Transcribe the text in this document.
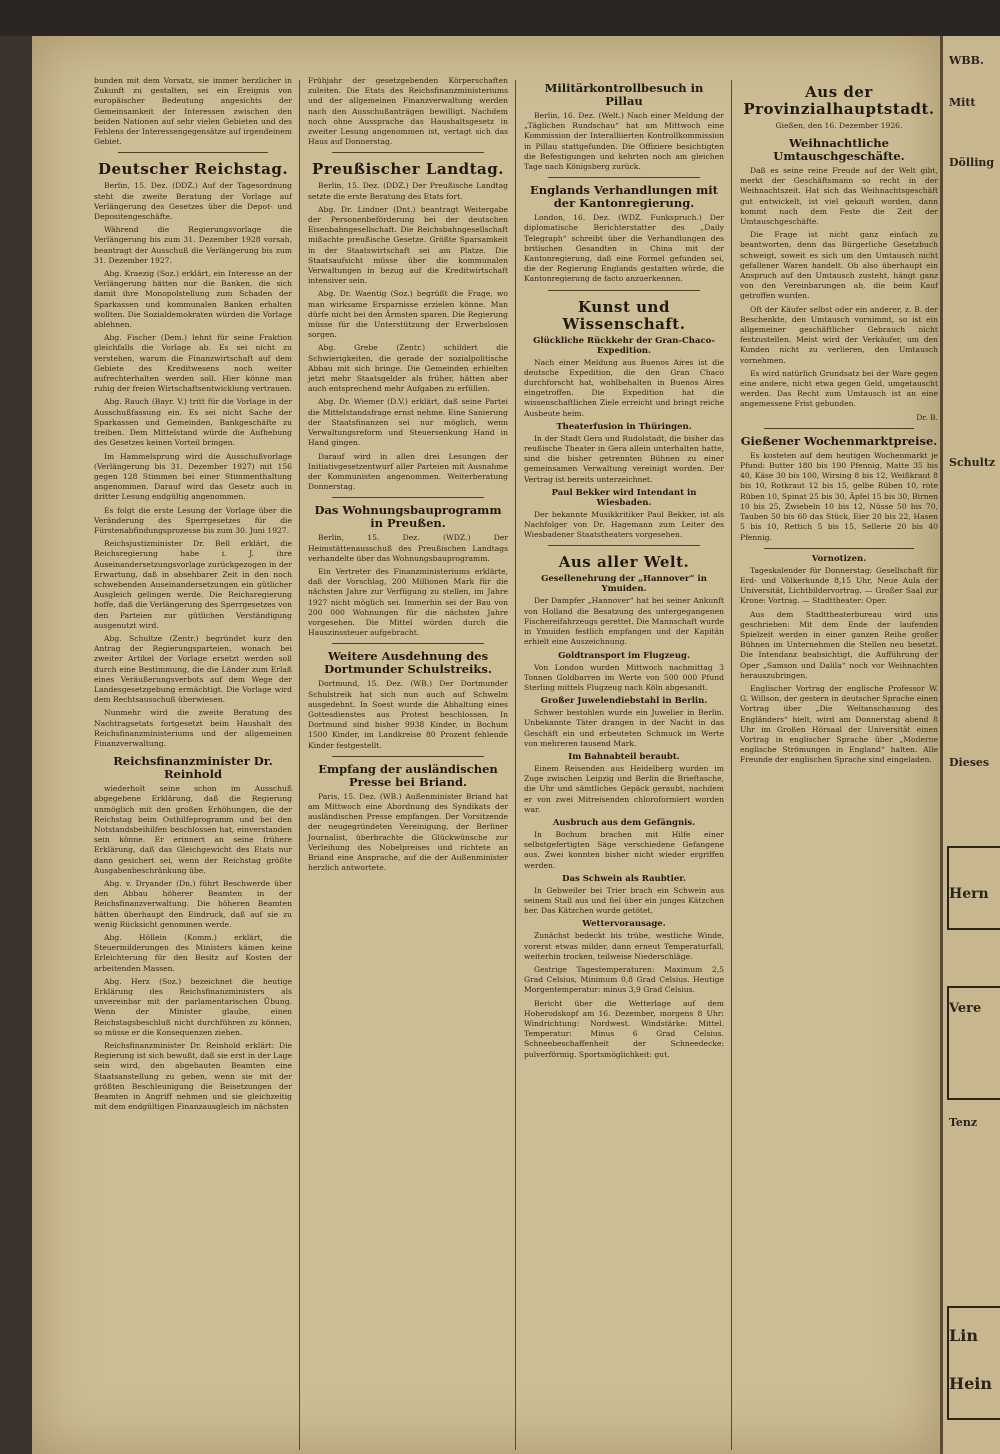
bunden mit dem Vorsatz, sie immer herzlicher in Zukunft zu gestalten, sei ein Ereignis von europäischer Bedeutung angesichts der Gemeinsamkeit der Interessen zwischen den beiden Nationen auf sehr vielen Gebieten und des Fehlens der Interessengegensätze auf irgendeinem Gebiet.

Deutscher Reichstag.

Berlin, 15. Dez. (DDZ.) Auf der Tagesordnung steht die zweite Beratung der Vorlage auf Verlängerung des Gesetzes über die Depot- und Depositengeschäfte.

Während die Regierungsvorlage die Verlängerung bis zum 31. Dezember 1928 vorsah, beantragt der Ausschuß die Verlängerung bis zum 31. Dezember 1927.

Abg. Kraezig (Soz.) erklärt, ein Interesse an der Verlängerung hätten nur die Banken, die sich damit ihre Monopolstellung zum Schaden der Sparkassen und kommunalen Banken erhalten wollten. Die Sozialdemokraten würden die Vorlage ablehnen.

Abg. Fischer (Dem.) lehnt für seine Fraktion gleichfalls die Vorlage ab. Es sei nicht zu verstehen, warum die Finanzwirtschaft auf dem Gebiete des Kreditwesens noch weiter aufrechterhalten werden soll. Hier könne man ruhig der freien Wirtschaftsentwicklung vertrauen.

Abg. Rauch (Bayr. V.) tritt für die Vorlage in der Ausschußfassung ein. Es sei nicht Sache der Sparkassen und Gemeinden, Bankgeschäfte zu treiben. Dem Mittelstand würde die Aufhebung des Gesetzes keinen Vorteil bringen.

Im Hammelsprung wird die Ausschußvorlage (Verlängerung bis 31. Dezember 1927) mit 156 gegen 128 Stimmen bei einer Stimmenthaltung angenommen. Darauf wird das Gesetz auch in dritter Lesung endgültig angenommen.

Es folgt die erste Lesung der Vorlage über die Veränderung des Sperrgesetzes für die Fürstenabfindungsprozesse bis zum 30. Juni 1927.

Reichsjustizminister Dr. Bell erklärt, die Reichsregierung habe i. J. ihre Auseinandersetzungsvorlage zurückgezogen in der Erwartung, daß in absehbarer Zeit in den noch schwebenden Auseinandersetzungen ein gütlicher Ausgleich gelingen werde. Die Reichsregierung hoffe, daß die Verlängerung des Sperrgesetzes von den Parteien zur gütlichen Verständigung ausgenutzt wird.

Abg. Schultze (Zentr.) begründet kurz den Antrag der Regierungsparteien, wonach bei zweiter Artikel der Vorlage ersetzt werden soll durch eine Bestimmung, die die Länder zum Erlaß eines Veräußerungsverbots auf dem Wege der Landesgesetzgebung ermächtigt. Die Vorlage wird dem Rechtsausschuß überwiesen.

Nunmehr wird die zweite Beratung des Nachtragsetats fortgesetzt beim Haushalt des Reichsfinanzministeriums und der allgemeinen Finanzverwaltung.

Reichsfinanzminister Dr. Reinhold

wiederholt seine schon im Ausschuß abgegebene Erklärung, daß die Regierung unmöglich mit den großen Erhöhungen, die der Reichstag beim Osthilfeprogramm und bei den Notstandsbeihilfen beschlossen hat, einverstanden sein könne. Er erinnert an seine frühere Erklärung, daß das Gleichgewicht des Etats nur dann gesichert sei, wenn der Reichstag größte Ausgabenbeschränkung übe.

Abg. v. Dryander (Dn.) führt Beschwerde über den Abbau höherer Beamten in der Reichsfinanzverwaltung. Die höheren Beamten hätten überhaupt den Eindruck, daß auf sie zu wenig Rücksicht genommen werde.

Abg. Höllein (Komm.) erklärt, die Steuermilderungen des Ministers kämen keine Erleichterung für den Besitz auf Kosten der arbeitenden Massen.

Abg. Herz (Soz.) bezeichnet die heutige Erklärung des Reichsfinanzministers als unvereinbar mit der parlamentarischen Übung. Wenn der Minister glaube, einen Reichstagsbeschluß nicht durchführen zu können, so müsse er die Konsequenzen ziehen.

Reichsfinanzminister Dr. Reinhold erklärt: Die Regierung ist sich bewußt, daß sie erst in der Lage sein wird, den abgebauten Beamten eine Staatsanstellung zu geben, wenn sie mit der größten Beschleunigung die Beisetzungen der Beamten in Angriff nehmen und sie gleichzeitig mit dem endgültigen Finanzausgleich im nächsten

Frühjahr der gesetzgebenden Körperschaften zuleiten. Die Etats des Reichsfinanzministeriums und der allgemeinen Finanzverwaltung werden nach den Ausschußanträgen bewilligt. Nachdem noch ohne Aussprache das Haushaltsgesetz in zweiter Lesung angenommen ist, vertagt sich das Haus auf Donnerstag.

Preußischer Landtag.

Berlin, 15. Dez. (DDZ.) Der Preußische Landtag setzte die erste Beratung des Etats fort.

Abg. Dr. Lindner (Dnt.) beantragt Weitergabe der Personenbeförderung bei der deutschen Eisenbahngesellschaft. Die Reichsbahngesellschaft mißachte preußische Gesetze. Größte Sparsamkeit in der Staatswirtschaft sei am Platze. Die Staatsaufsicht müsse über die kommunalen Verwaltungen in bezug auf die Kreditwirtschaft intensiver sein.

Abg. Dr. Waentig (Soz.) begrüßt die Frage, wo man wirksame Ersparnisse erzielen könne. Man dürfe nicht bei den Ärmsten sparen. Die Regierung müsse für die Unterstützung der Erwerbslosen sorgen.

Abg. Grebe (Zentr.) schildert die Schwierigkeiten, die gerade der sozialpolitische Abbau mit sich bringe. Die Gemeinden erhielten jetzt mehr Staatsgelder als früher, hätten aber auch entsprechend mehr Aufgaben zu erfüllen.

Abg. Dr. Wiemer (D.V.) erklärt, daß seine Partei die Mittelstandsfrage ernst nehme. Eine Sanierung der Staatsfinanzen sei nur möglich, wenn Verwaltungsreform und Steuersenkung Hand in Hand gingen.

Darauf wird in allen drei Lesungen der Initiativgesetzentwurf aller Parteien mit Ausnahme der Kommunisten angenommen. Weiterberatung Donnerstag.

Das Wohnungsbauprogramm in Preußen.

Berlin, 15. Dez. (WDZ.) Der Heimstättenausschuß des Preußischen Landtags verhandelte über das Wohnungsbauprogramm.

Ein Vertreter des Finanzministeriums erklärte, daß der Vorschlag, 200 Millionen Mark für die nächsten Jahre zur Verfügung zu stellen, im Jahre 1927 nicht möglich sei. Immerhin sei der Bau von 200 000 Wohnungen für die nächsten Jahre vorgesehen. Die Mittel würden durch die Hauszinssteuer aufgebracht.

Weitere Ausdehnung des Dortmunder Schulstreiks.

Dortmund, 15. Dez. (WB.) Der Dortmunder Schulstreik hat sich nun auch auf Schwelm ausgedehnt. In Soest wurde die Abhaltung eines Gottesdienstes aus Protest beschlossen. In Dortmund sind bisher 9938 Kinder, in Bochum 1500 Kinder, im Landkreise 80 Prozent fehlende Kinder festgestellt.

Empfang der ausländischen Presse bei Briand.

Paris, 15. Dez. (WB.) Außenminister Briand hat am Mittwoch eine Abordnung des Syndikats der ausländischen Presse empfangen. Der Vorsitzende der neugegründeten Vereinigung, der Berliner Journalist, überbrachte die Glückwünsche zur Verleihung des Nobelpreises und richtete an Briand eine Ansprache, auf die der Außenminister herzlich antwortete.

Militärkontrollbesuch in Pillau

Berlin, 16. Dez. (Welt.) Nach einer Meldung der „Täglichen Rundschau“ hat am Mittwoch eine Kommission der Interalliierten Kontrollkommission in Pillau stattgefunden. Die Offiziere besichtigten die Befestigungen und kehrten noch am gleichen Tage nach Königsberg zurück.

Englands Verhandlungen mit der Kantonregierung.

London, 16. Dez. (WDZ. Funkspruch.) Der diplomatische Berichterstatter des „Daily Telegraph“ schreibt über die Verhandlungen des britischen Gesandten in China mit der Kantonregierung, daß eine Formel gefunden sei, die der Regierung Englands gestatten würde, die Kantonregierung de facto anzuerkennen.

Kunst und Wissenschaft.
Glückliche Rückkehr der Gran-Chaco-Expedition.

Nach einer Meldung aus Buenos Aires ist die deutsche Expedition, die den Gran Chaco durchforscht hat, wohlbehalten in Buenos Aires eingetroffen. Die Expedition hat die wissenschaftlichen Ziele erreicht und bringt reiche Ausbeute heim.

Theaterfusion in Thüringen.

In der Stadt Gera und Rudolstadt, die bisher das reußische Theater in Gera allein unterhalten hatte, sind die bisher getrennten Bühnen zu einer gemeinsamen Verwaltung vereinigt worden. Der Vertrag ist bereits unterzeichnet.

Paul Bekker wird Intendant in Wiesbaden.

Der bekannte Musikkritiker Paul Bekker, ist als Nachfolger von Dr. Hagemann zum Leiter des Wiesbadener Staatstheaters vorgesehen.

Aus aller Welt.
Gesellenehrung der „Hannover“ in Ymuiden.

Der Dampfer „Hannover“ hat bei seiner Ankunft von Holland die Besatzung des untergegangenen Fischereifahrzeugs gerettet. Die Mannschaft wurde in Ymuiden festlich empfangen und der Kapitän erhielt eine Auszeichnung.

Goldtransport im Flugzeug.

Von London wurden Mittwoch nachmittag 3 Tonnen Goldbarren im Werte von 500 000 Pfund Sterling mittels Flugzeug nach Köln abgesandt.

Großer Juwelendiebstahl in Berlin.

Schwer bestohlen wurde ein Juwelier in Berlin. Unbekannte Täter drangen in der Nacht in das Geschäft ein und erbeuteten Schmuck im Werte von mehreren tausend Mark.

Im Bahnabteil beraubt.

Einem Reisenden aus Heidelberg wurden im Zuge zwischen Leipzig und Berlin die Brieftasche, die Uhr und sämtliches Gepäck geraubt, nachdem er von zwei Mitreisenden chloroformiert worden war.

Ausbruch aus dem Gefängnis.

In Bochum brachen mit Hilfe einer selbstgefertigten Säge verschiedene Gefangene aus. Zwei konnten bisher nicht wieder ergriffen werden.

Das Schwein als Raubtier.

In Gebweiler bei Trier brach ein Schwein aus seinem Stall aus und fiel über ein junges Kätzchen her. Das Kätzchen wurde getötet.

Wettervorausage.

Zunächst bedeckt bis trübe, westliche Winde, vorerst etwas milder, dann erneut Temperaturfall, weiterhin trocken, teilweise Niederschläge.

Gestrige Tagestemperaturen: Maximum 2,5 Grad Celsius, Minimum 0,8 Grad Celsius. Heutige Morgentemperatur: minus 3,9 Grad Celsius.

Bericht über die Wetterlage auf dem Hoherodskopf am 16. Dezember, morgens 8 Uhr: Windrichtung: Nordwest. Windstärke: Mittel. Temperatur: Minus 6 Grad Celsius. Schneebeschaffenheit der Schneedecke: pulverförmig. Sportsmöglichkeit: gut.

Aus der Provinzialhauptstadt.

Gießen, den 16. Dezember 1926.

Weihnachtliche Umtauschgeschäfte.

Daß es seine reine Freude auf der Welt gibt, merkt der Geschäftsmann so recht in der Weihnachtszeit. Hat sich das Weihnachtsgeschäft gut entwickelt, ist viel gekauft worden, dann kommt nach dem Feste die Zeit der Umtauschgeschäfte.

Die Frage ist nicht ganz einfach zu beantworten, denn das Bürgerliche Gesetzbuch schweigt, soweit es sich um den Umtausch nicht gefallener Waren handelt. Ob also überhaupt ein Anspruch auf den Umtausch zusteht, hängt ganz von den Vereinbarungen ab, die beim Kauf getroffen wurden.

Oft der Käufer selbst oder ein anderer, z. B. der Beschenkte, den Umtausch vornimmt, so ist ein allgemeiner geschäftlicher Gebrauch nicht festzustellen. Meist wird der Verkäufer, um den Kunden nicht zu verlieren, den Umtausch vornehmen.

Es wird natürlich Grundsatz bei der Ware gegen eine andere, nicht etwa gegen Geld, umgetauscht werden. Das Recht zum Umtausch ist an eine angemessene Frist gebunden.

Dr. B.

Gießener Wochenmarktpreise.

Es kosteten auf dem heutigen Wochenmarkt je Pfund: Butter 180 bis 190 Pfennig, Matte 35 bis 40, Käse 30 bis 100, Wirsing 8 bis 12, Weißkraut 8 bis 10, Rotkraut 12 bis 15, gelbe Rüben 10, rote Rüben 10, Spinat 25 bis 30, Äpfel 15 bis 30, Birnen 10 bis 25, Zwiebeln 10 bis 12, Nüsse 50 bis 70, Tauben 50 bis 60 das Stück, Eier 20 bis 22, Hasen 5 bis 10, Rettich 5 bis 15, Sellerie 20 bis 40 Pfennig.

Vornotizen.

Tageskalender für Donnerstag: Gesellschaft für Erd- und Völkerkunde 8,15 Uhr, Neue Aula der Universität, Lichtbildervortrag. — Großer Saal zur Krone: Vortrag. — Stadttheater: Oper.

Aus dem Stadttheaterbureau wird uns geschrieben: Mit dem Ende der laufenden Spielzeit werden in einer ganzen Reihe großer Bühnen im Unternehmen die Stellen neu besetzt. Die Intendanz beabsichtigt, die Aufführung der Oper „Samson und Dalila“ noch vor Weihnachten herauszubringen.

Englischer Vortrag der englische Professor W. G. Willson, der gestern in deutscher Sprache einen Vortrag über „Die Weltanschauung des Engländers“ hielt, wird am Donnerstag abend 8 Uhr im Großen Hörsaal der Universität einen Vortrag in englischer Sprache über „Moderne englische Strömungen in England“ halten. Alle Freunde der englischen Sprache sind eingeladen.

WBB.
Mitt
Dölling
Schultz
Dieses
Hern
Vere
Tenz
Lin
Hein
